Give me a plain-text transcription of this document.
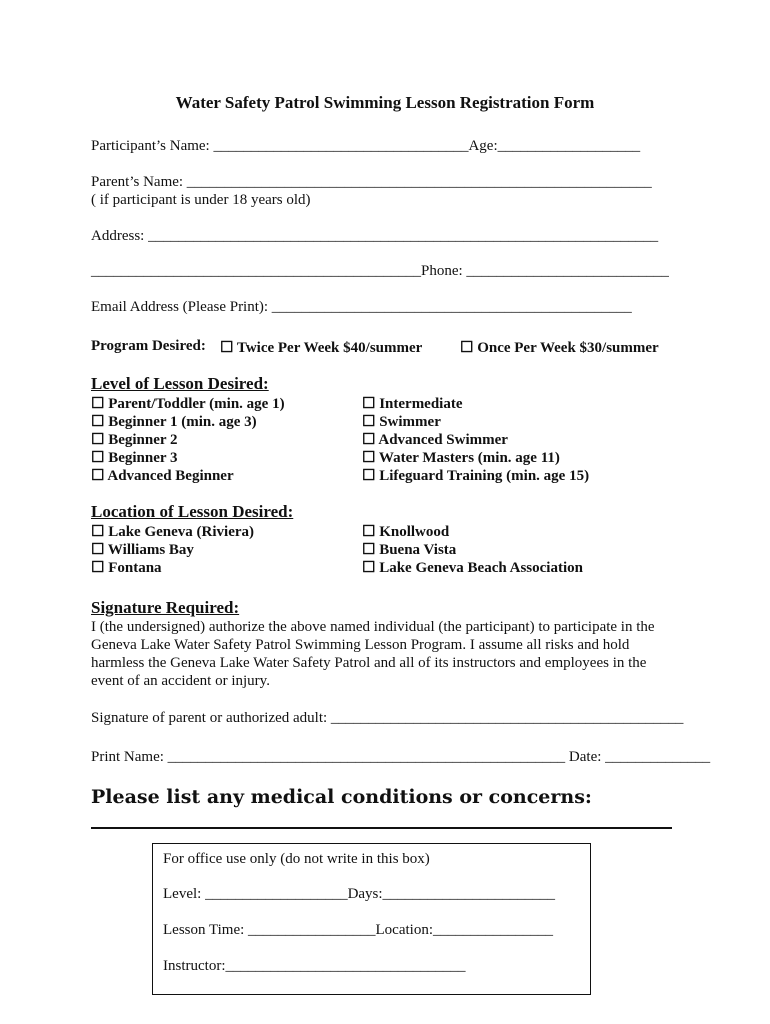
Water Safety Patrol Swimming Lesson Registration Form
Participant’s Name: __________________________________Age:___________________
Parent’s Name: ______________________________________________________________
( if participant is under 18 years old)
Address: ____________________________________________________________________
____________________________________________Phone: ___________________________
Email Address (Please Print): ________________________________________________
Program Desired: ☐ Twice Per Week $40/summer	☐ Once Per Week $30/summer
Level of Lesson Desired:
☐ Parent/Toddler (min. age 1)
☐ Beginner 1 (min. age 3)
☐ Beginner 2
☐ Beginner 3
☐ Advanced Beginner
☐ Intermediate
☐ Swimmer
☐ Advanced Swimmer
☐ Water Masters (min. age 11)
☐ Lifeguard Training (min. age 15)
Location of Lesson Desired:
☐ Lake Geneva (Riviera)
☐ Williams Bay
☐ Fontana
☐ Knollwood
☐ Buena Vista
☐ Lake Geneva Beach Association
Signature Required:
I (the undersigned) authorize the above named individual (the participant) to participate in the Geneva Lake Water Safety Patrol Swimming Lesson Program. I assume all risks and hold harmless the Geneva Lake Water Safety Patrol and all of its instructors and employees in the event of an accident or injury.
Signature of parent or authorized adult: _______________________________________________
Print Name: _____________________________________________________ Date: ______________
Please list any medical conditions or concerns:
For office use only (do not write in this box)
Level: ___________________Days:_______________________
Lesson Time: _________________Location:________________
Instructor:________________________________
